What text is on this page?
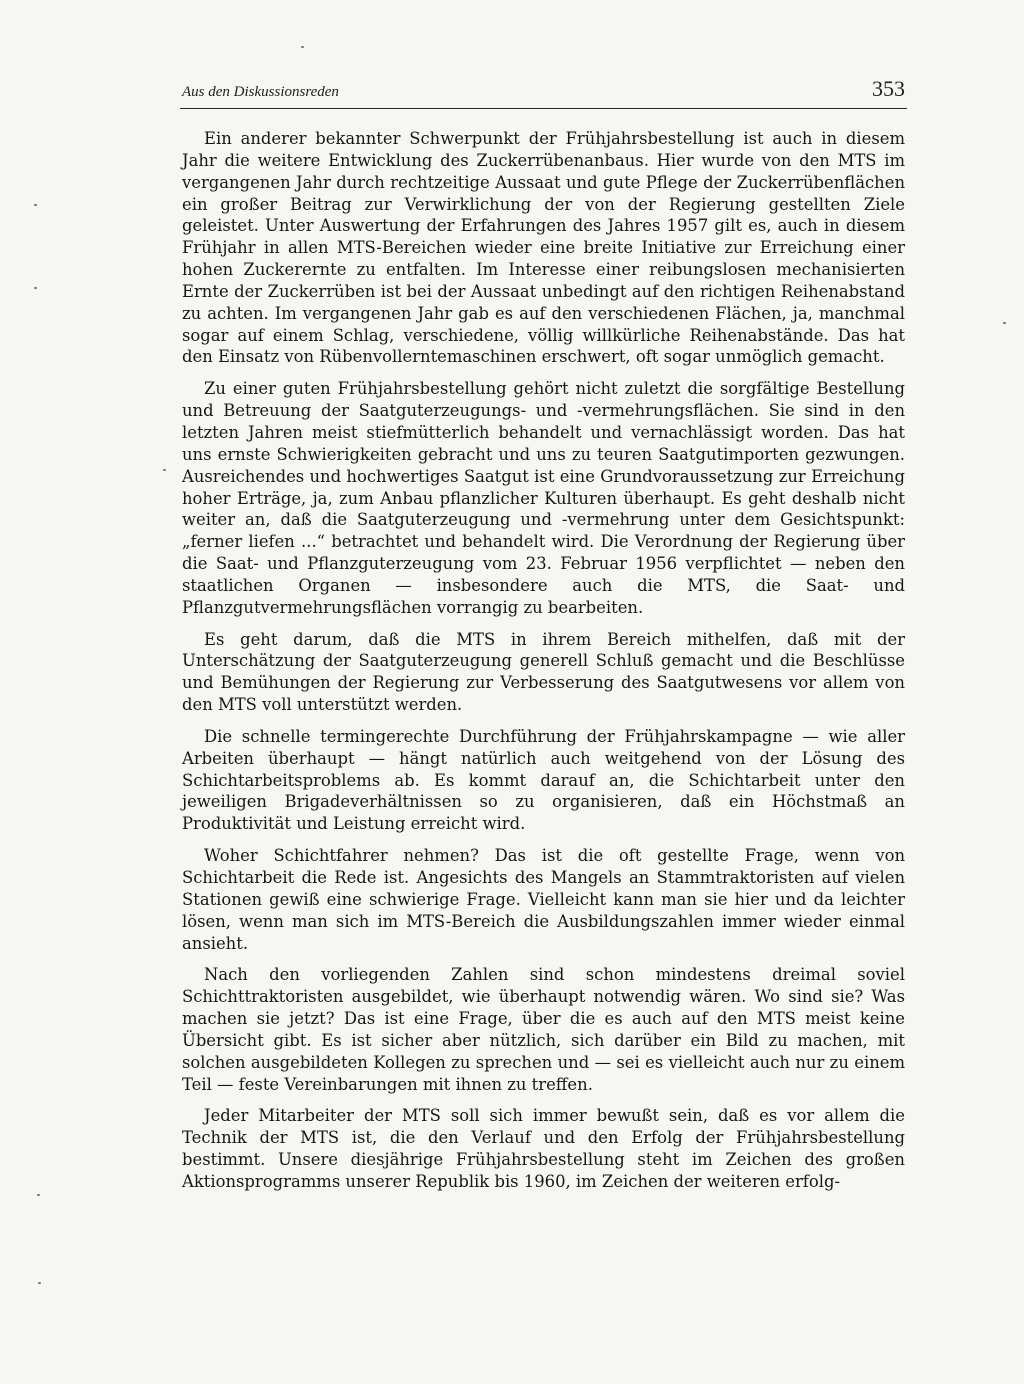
Aus den Diskussionsreden	353

Ein anderer bekannter Schwerpunkt der Frühjahrsbestellung ist auch in diesem Jahr die weitere Entwicklung des Zuckerrübenanbaus. Hier wurde von den MTS im vergangenen Jahr durch rechtzeitige Aussaat und gute Pflege der Zuckerrübenflächen ein großer Beitrag zur Verwirklichung der von der Regierung gestellten Ziele geleistet. Unter Auswertung der Erfahrungen des Jahres 1957 gilt es, auch in diesem Frühjahr in allen MTS-Bereichen wieder eine breite Initiative zur Erreichung einer hohen Zuckerernte zu entfalten. Im Interesse einer reibungslosen mechanisierten Ernte der Zuckerrüben ist bei der Aussaat unbedingt auf den richtigen Reihenabstand zu achten. Im vergangenen Jahr gab es auf den verschiedenen Flächen, ja, manchmal sogar auf einem Schlag, verschiedene, völlig willkürliche Reihenabstände. Das hat den Einsatz von Rübenvollerntemaschinen erschwert, oft sogar unmöglich gemacht.

Zu einer guten Frühjahrsbestellung gehört nicht zuletzt die sorgfältige Bestellung und Betreuung der Saatguterzeugungs- und -vermehrungsflächen. Sie sind in den letzten Jahren meist stiefmütterlich behandelt und vernachlässigt worden. Das hat uns ernste Schwierigkeiten gebracht und uns zu teuren Saatgutimporten gezwungen. Ausreichendes und hochwertiges Saatgut ist eine Grundvoraussetzung zur Erreichung hoher Erträge, ja, zum Anbau pflanzlicher Kulturen überhaupt. Es geht deshalb nicht weiter an, daß die Saatguterzeugung und -vermehrung unter dem Gesichtspunkt: „ferner liefen ...“ betrachtet und behandelt wird. Die Verordnung der Regierung über die Saat- und Pflanzguterzeugung vom 23. Februar 1956 verpflichtet — neben den staatlichen Organen — insbesondere auch die MTS, die Saat- und Pflanzgutvermehrungsflächen vorrangig zu bearbeiten.

Es geht darum, daß die MTS in ihrem Bereich mithelfen, daß mit der Unterschätzung der Saatguterzeugung generell Schluß gemacht und die Beschlüsse und Bemühungen der Regierung zur Verbesserung des Saatgutwesens vor allem von den MTS voll unterstützt werden.

Die schnelle termingerechte Durchführung der Frühjahrskampagne — wie aller Arbeiten überhaupt — hängt natürlich auch weitgehend von der Lösung des Schichtarbeitsproblems ab. Es kommt darauf an, die Schichtarbeit unter den jeweiligen Brigadeverhältnissen so zu organisieren, daß ein Höchstmaß an Produktivität und Leistung erreicht wird.

Woher Schichtfahrer nehmen? Das ist die oft gestellte Frage, wenn von Schichtarbeit die Rede ist. Angesichts des Mangels an Stammtraktoristen auf vielen Stationen gewiß eine schwierige Frage. Vielleicht kann man sie hier und da leichter lösen, wenn man sich im MTS-Bereich die Ausbildungszahlen immer wieder einmal ansieht.

Nach den vorliegenden Zahlen sind schon mindestens dreimal soviel Schichttraktoristen ausgebildet, wie überhaupt notwendig wären. Wo sind sie? Was machen sie jetzt? Das ist eine Frage, über die es auch auf den MTS meist keine Übersicht gibt. Es ist sicher aber nützlich, sich darüber ein Bild zu machen, mit solchen ausgebildeten Kollegen zu sprechen und — sei es vielleicht auch nur zu einem Teil — feste Vereinbarungen mit ihnen zu treffen.

Jeder Mitarbeiter der MTS soll sich immer bewußt sein, daß es vor allem die Technik der MTS ist, die den Verlauf und den Erfolg der Frühjahrsbestellung bestimmt. Unsere diesjährige Frühjahrsbestellung steht im Zeichen des großen Aktionsprogramms unserer Republik bis 1960, im Zeichen der weiteren erfolg-
